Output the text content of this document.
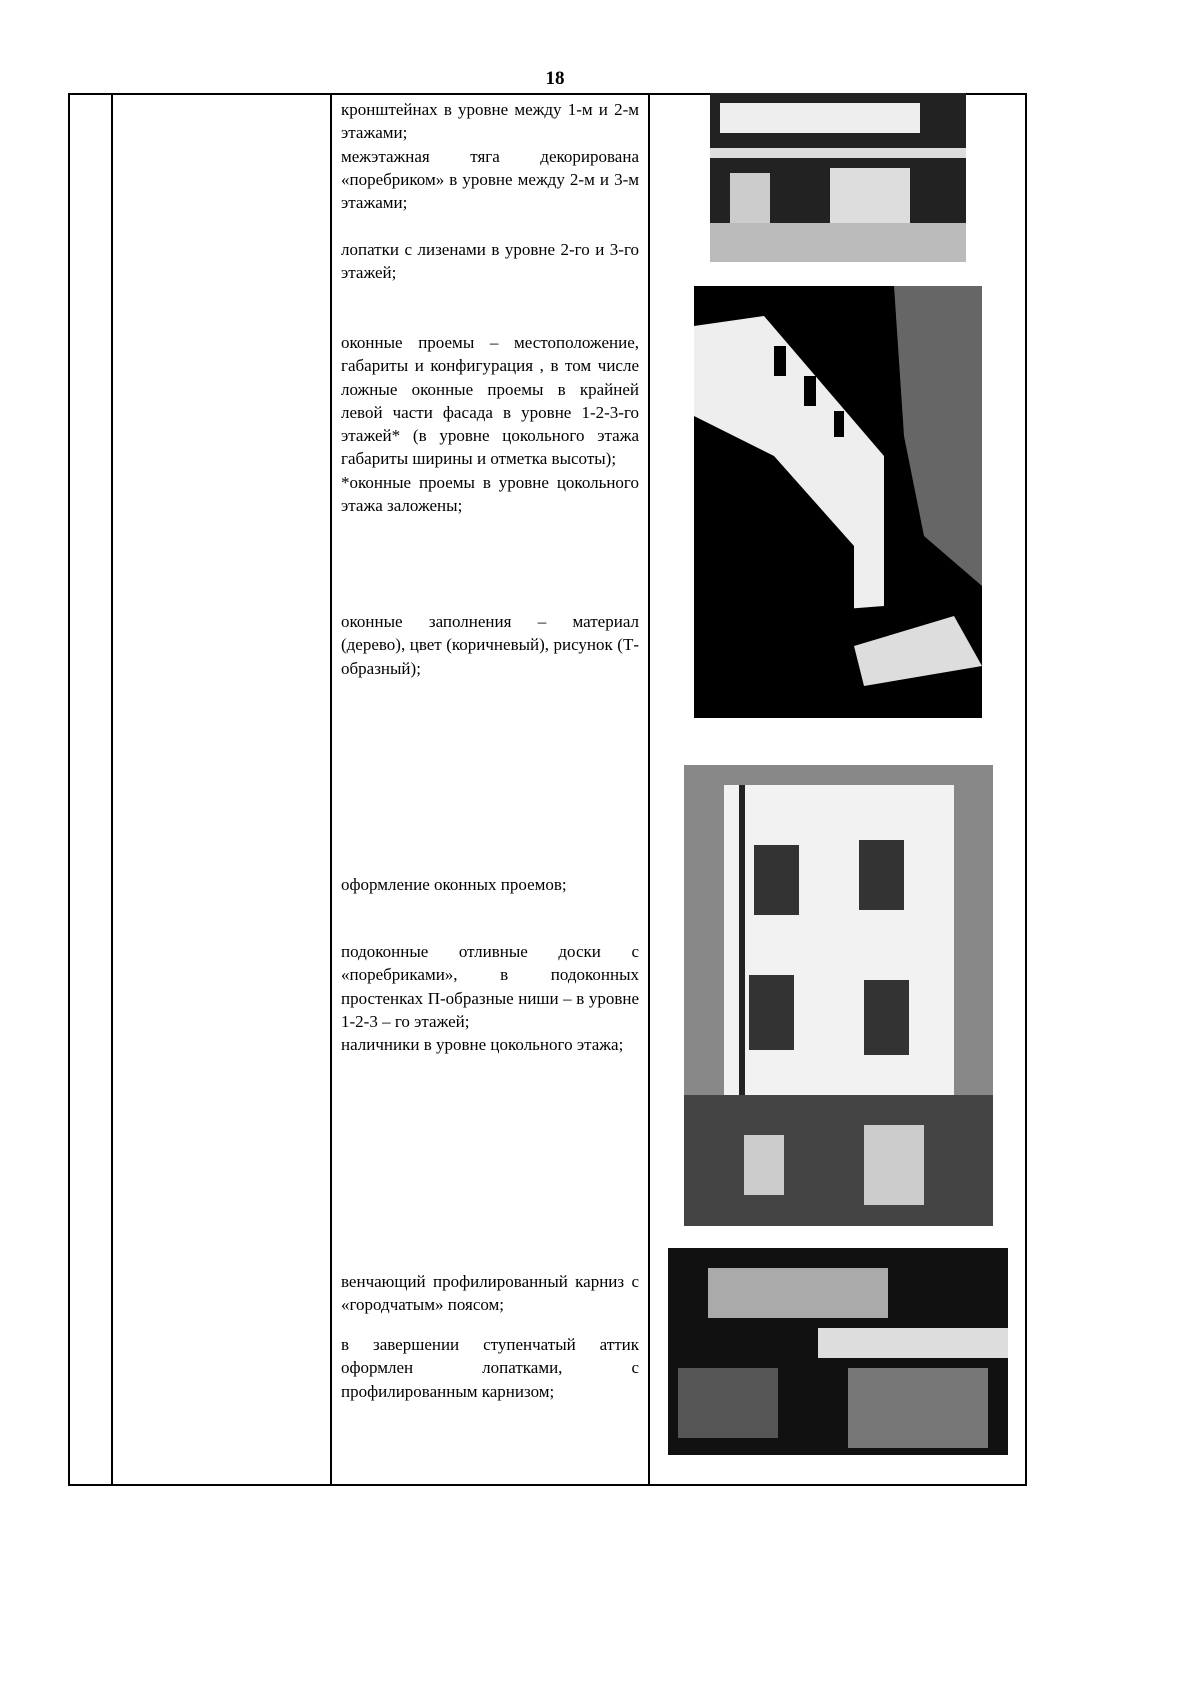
18

кронштейнах в уровне между 1-м и 2-м этажами;

межэтажная тяга декорирована «поребриком» в уровне между 2-м и 3-м этажами;

лопатки с лизенами в уровне 2-го и 3-го этажей;

оконные проемы – местоположение, габариты и конфигурация , в том числе ложные оконные проемы в крайней левой части фасада в уровне 1-2-3-го этажей* (в уровне цокольного этажа габариты ширины и отметка высоты);

*оконные проемы в уровне цокольного этажа заложены;

оконные заполнения – материал (дерево), цвет (коричневый), рисунок (Т-образный);

оформление оконных проемов;

подоконные отливные доски с «поребриками», в подоконных простенках П-образные ниши – в уровне 1-2-3 – го этажей;

наличники в уровне цокольного этажа;

венчающий профилированный карниз с «городчатым» поясом;

в завершении ступенчатый аттик оформлен лопатками, с профилированным карнизом;
